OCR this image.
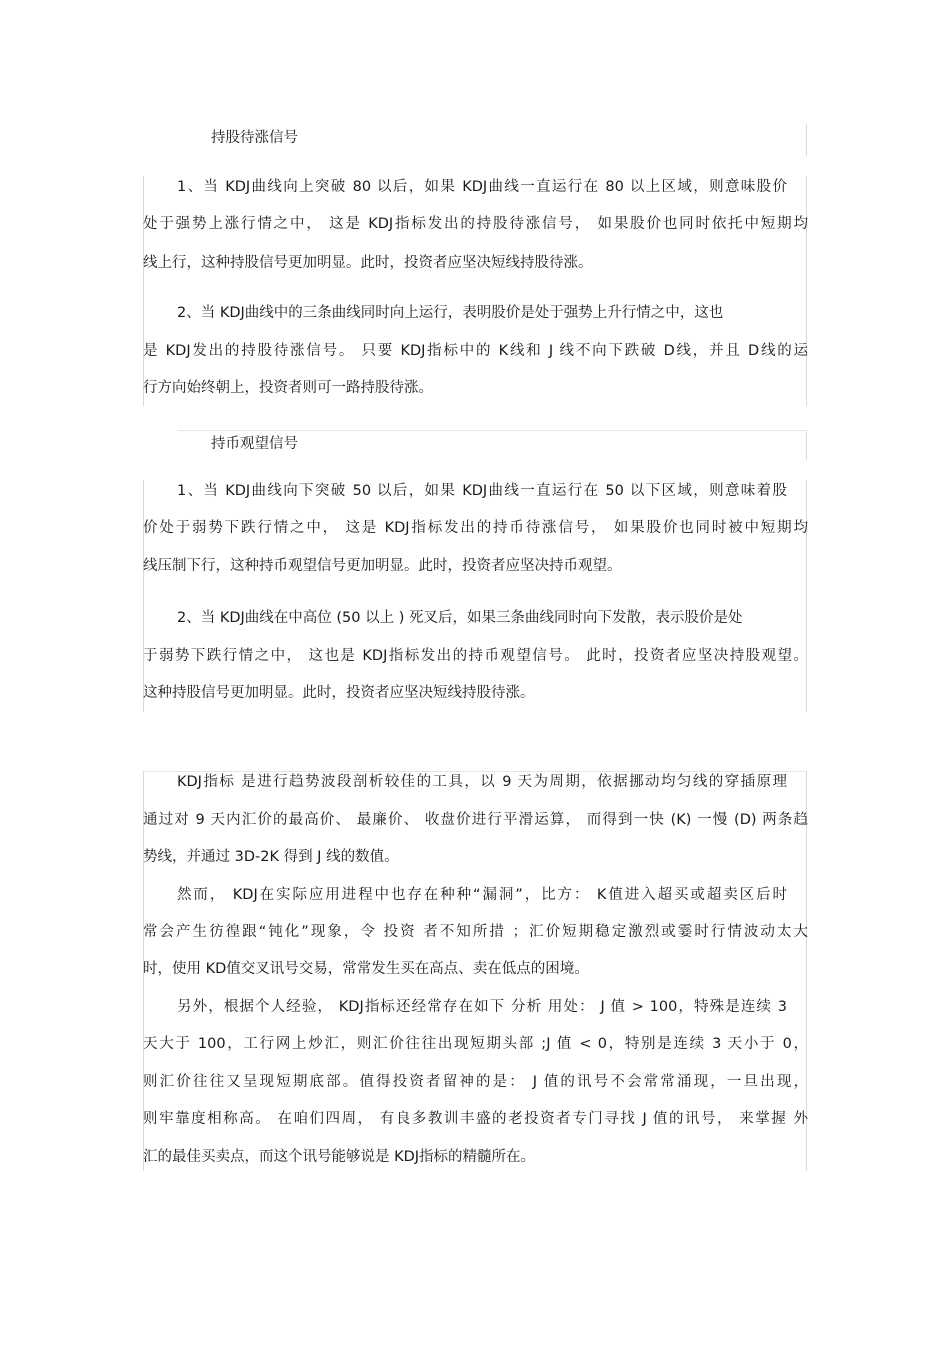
持股待涨信号
1、当 KDJ曲线向上突破 80 以后，如果 KDJ曲线一直运行在 80 以上区域，则意味股价
处于强势上涨行情之中， 这是 KDJ指标发出的持股待涨信号， 如果股价也同时依托中短期均
线上行，这种持股信号更加明显。此时，投资者应坚决短线持股待涨。
2、当 KDJ曲线中的三条曲线同时向上运行，表明股价是处于强势上升行情之中，这也
是 KDJ发出的持股待涨信号。 只要 KDJ指标中的 K线和 J 线不向下跌破 D线，并且 D线的运
行方向始终朝上，投资者则可一路持股待涨。
持币观望信号
1、当 KDJ曲线向下突破 50 以后，如果 KDJ曲线一直运行在 50 以下区域，则意味着股
价处于弱势下跌行情之中， 这是 KDJ指标发出的持币待涨信号， 如果股价也同时被中短期均
线压制下行，这种持币观望信号更加明显。此时，投资者应坚决持币观望。
2、当 KDJ曲线在中高位 (50 以上 ) 死叉后，如果三条曲线同时向下发散，表示股价是处
于弱势下跌行情之中， 这也是 KDJ指标发出的持币观望信号。 此时，投资者应坚决持股观望。
这种持股信号更加明显。此时，投资者应坚决短线持股待涨。
KDJ指标 是进行趋势波段剖析较佳的工具，以 9 天为周期，依据挪动均匀线的穿插原理
通过对 9 天内汇价的最高价、 最廉价、 收盘价进行平滑运算， 而得到一快 (K) 一慢 (D) 两条趋
势线，并通过 3D-2K 得到 J 线的数值。
然而， KDJ在实际应用进程中也存在种种“漏洞”，比方： K值进入超买或超卖区后时
常会产生彷徨跟“钝化”现象，令 投资 者不知所措 ；汇价短期稳定激烈或霎时行情波动太大
时，使用 KD值交叉讯号交易，常常发生买在高点、卖在低点的困境。
另外，根据个人经验， KDJ指标还经常存在如下 分析 用处： J 值 > 100，特殊是连续 3
天大于 100，工行网上炒汇，则汇价往往出现短期头部 ;J 值 < 0，特别是连续 3 天小于 0，
则汇价往往又呈现短期底部。值得投资者留神的是： J 值的讯号不会常常涌现，一旦出现，
则牢靠度相称高。 在咱们四周， 有良多教训丰盛的老投资者专门寻找 J 值的讯号， 来掌握 外
汇的最佳买卖点，而这个讯号能够说是 KDJ指标的精髓所在。
